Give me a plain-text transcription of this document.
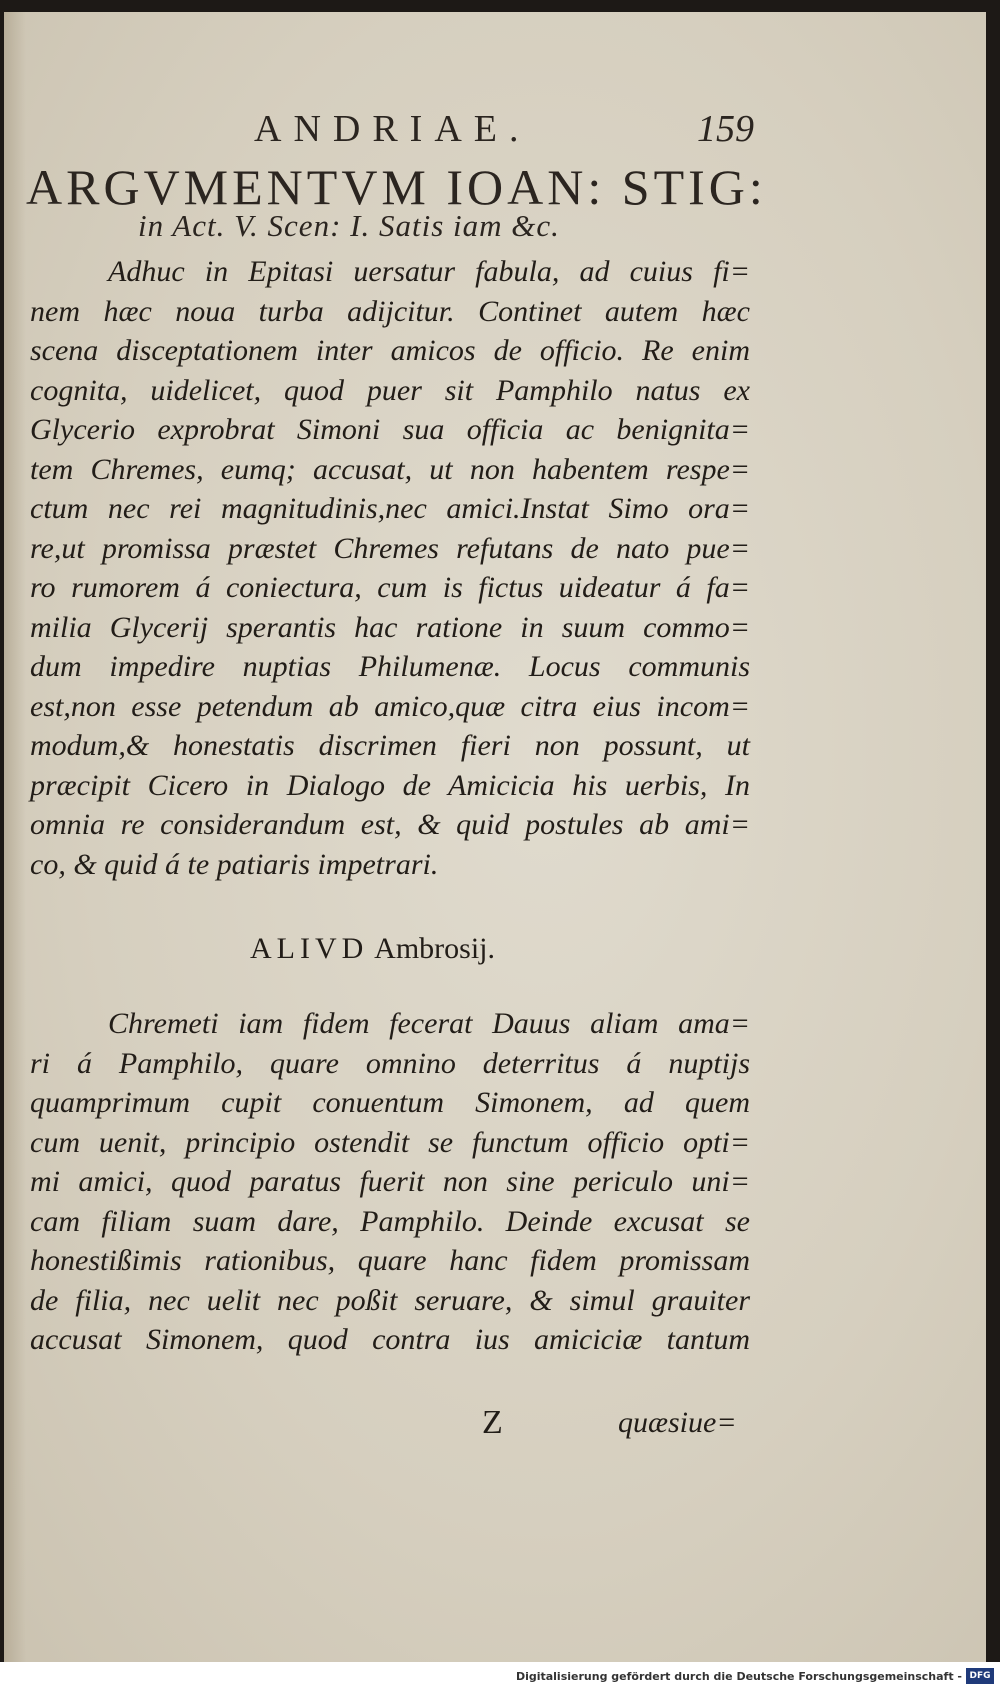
ANDRIAE.	159
ARGVMENTVM IOAN: STIG:
in Act. V. Scen: I. Satis iam &c.
Adhuc in Epitasi uersatur fabula, ad cuius fi=
nem hæc noua turba adijcitur. Continet autem hæc
scena disceptationem inter amicos de officio. Re enim
cognita, uidelicet, quod puer sit Pamphilo natus ex
Glycerio exprobrat Simoni sua officia ac benignita=
tem Chremes, eumq; accusat, ut non habentem respe=
ctum nec rei magnitudinis,nec amici.Instat Simo ora=
re,ut promissa præstet Chremes refutans de nato pue=
ro rumorem á coniectura, cum is fictus uideatur á fa=
milia Glycerij sperantis hac ratione in suum commo=
dum impedire nuptias Philumenæ. Locus communis
est,non esse petendum ab amico,quæ citra eius incom=
modum,& honestatis discrimen fieri non possunt, ut
præcipit Cicero in Dialogo de Amicicia his uerbis, In
omnia re considerandum est, & quid postules ab ami=
co, & quid á te patiaris impetrari.
ALIVD Ambrosij.
Chremeti iam fidem fecerat Dauus aliam ama=
ri á Pamphilo, quare omnino deterritus á nuptijs
quamprimum cupit conuentum Simonem, ad quem
cum uenit, principio ostendit se functum officio opti=
mi amici, quod paratus fuerit non sine periculo uni=
cam filiam suam dare, Pamphilo. Deinde excusat se
honestißimis rationibus, quare hanc fidem promissam
de filia, nec uelit nec poßit seruare, & simul grauiter
accusat Simonem, quod contra ius amiciciæ tantum
Z	quæsiue=
Digitalisierung gefördert durch die Deutsche Forschungsgemeinschaft - DFG
